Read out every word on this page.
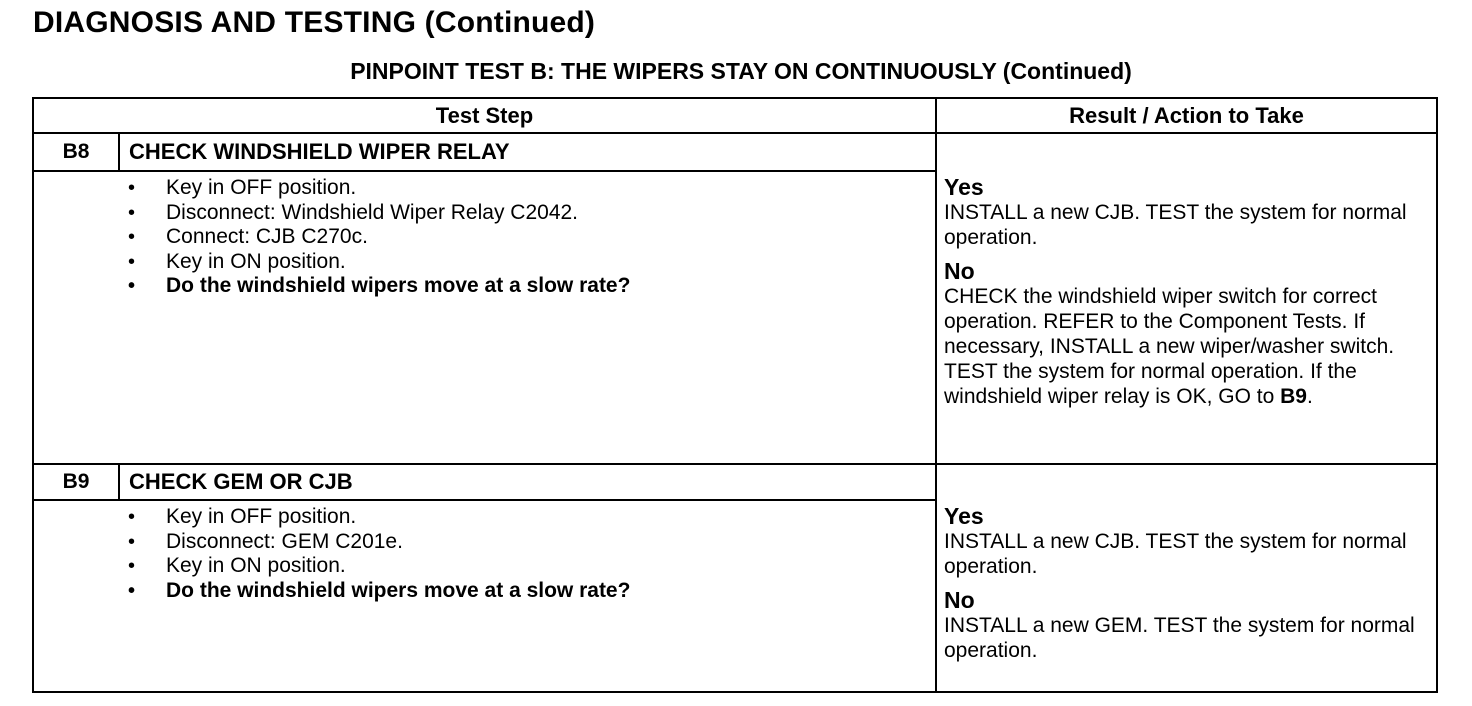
DIAGNOSIS AND TESTING (Continued)
PINPOINT TEST B: THE WIPERS STAY ON CONTINUOUSLY (Continued)
Test Step	Result / Action to Take
B8	CHECK WINDSHIELD WIPER RELAY
• Key in OFF position.
• Disconnect: Windshield Wiper Relay C2042.
• Connect: CJB C270c.
• Key in ON position.
• Do the windshield wipers move at a slow rate?
Yes
INSTALL a new CJB. TEST the system for normal operation.
No
CHECK the windshield wiper switch for correct operation. REFER to the Component Tests. If necessary, INSTALL a new wiper/washer switch. TEST the system for normal operation. If the windshield wiper relay is OK, GO to B9.
B9	CHECK GEM OR CJB
• Key in OFF position.
• Disconnect: GEM C201e.
• Key in ON position.
• Do the windshield wipers move at a slow rate?
Yes
INSTALL a new CJB. TEST the system for normal operation.
No
INSTALL a new GEM. TEST the system for normal operation.
